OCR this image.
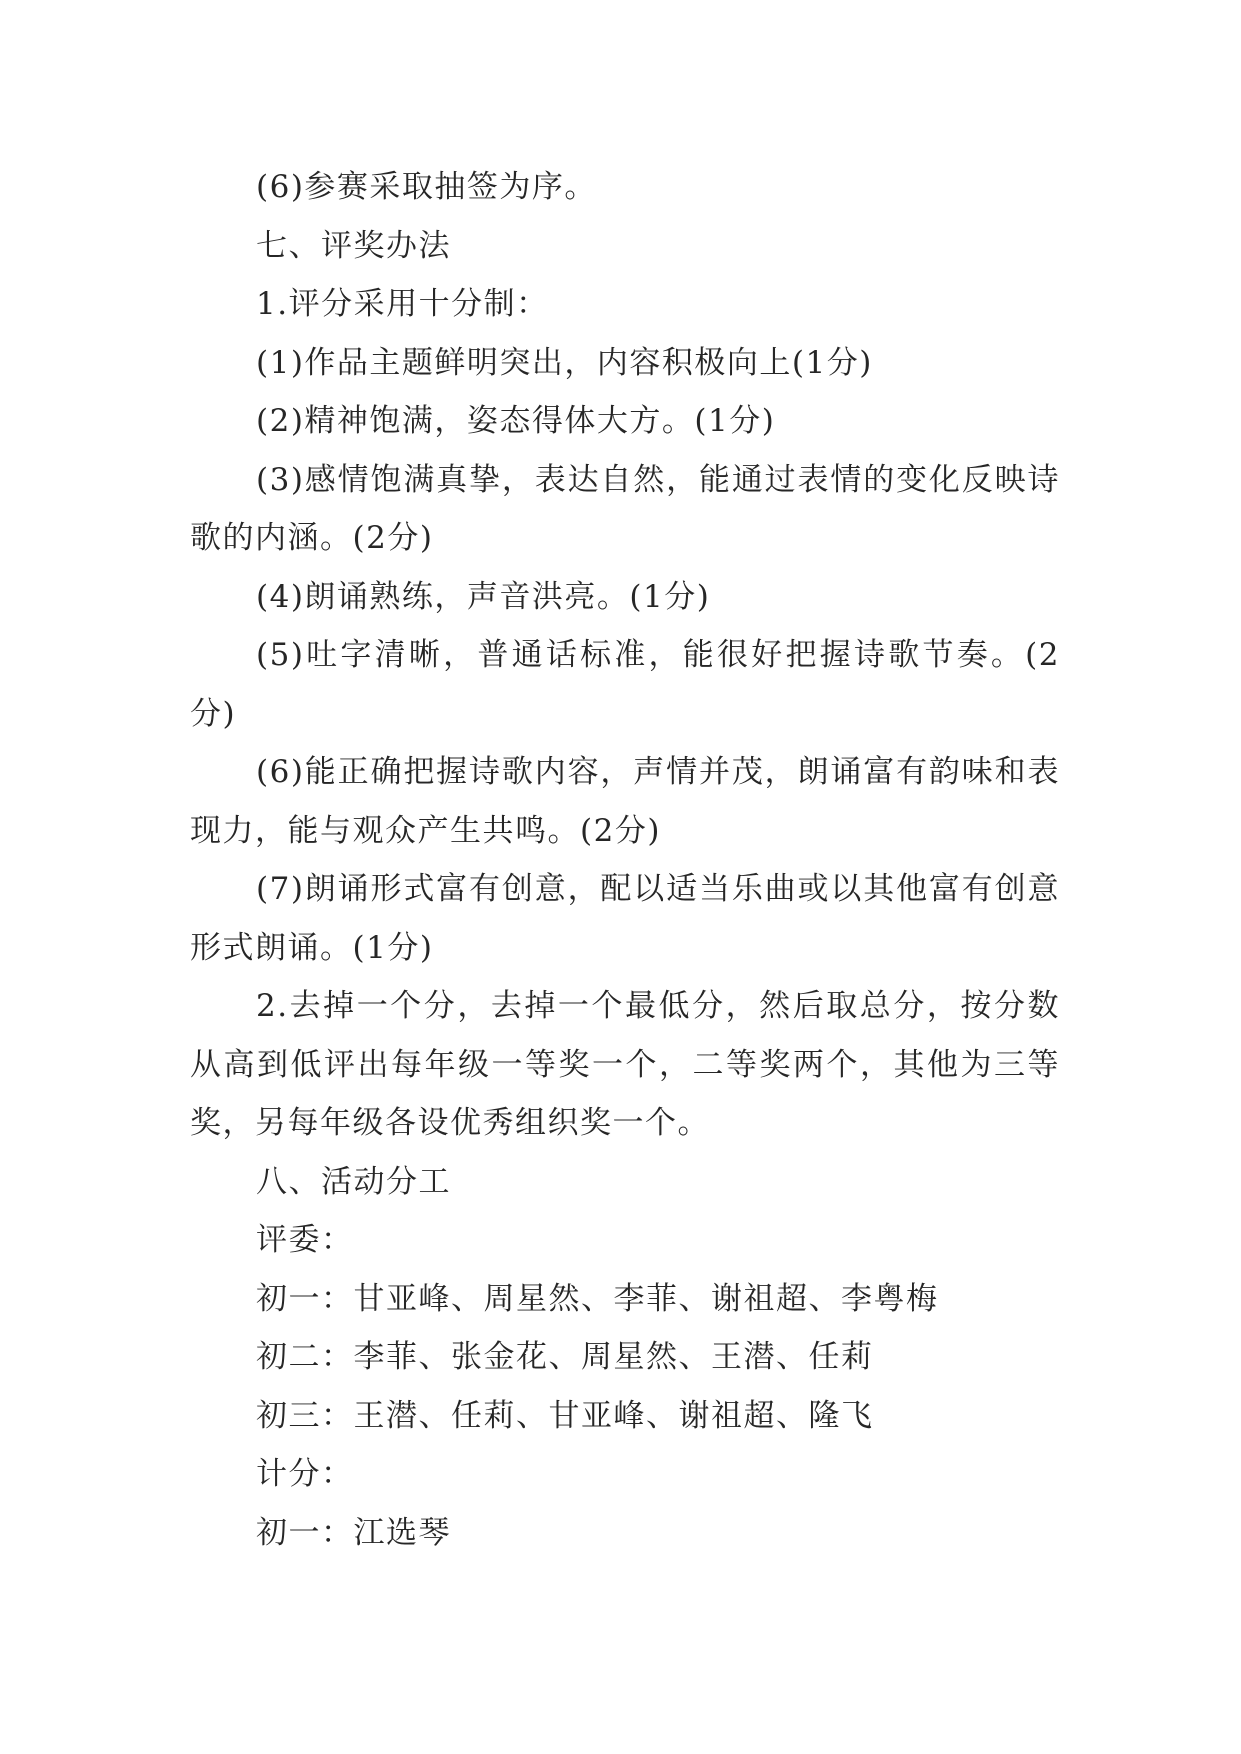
(6)参赛采取抽签为序。

七、评奖办法

1.评分采用十分制：

(1)作品主题鲜明突出，内容积极向上(1分)

(2)精神饱满，姿态得体大方。(1分)

(3)感情饱满真挚，表达自然，能通过表情的变化反映诗歌的内涵。(2分)

(4)朗诵熟练，声音洪亮。(1分)

(5)吐字清晰，普通话标准，能很好把握诗歌节奏。(2分)

(6)能正确把握诗歌内容，声情并茂，朗诵富有韵味和表现力，能与观众产生共鸣。(2分)

(7)朗诵形式富有创意，配以适当乐曲或以其他富有创意形式朗诵。(1分)

2.去掉一个分，去掉一个最低分，然后取总分，按分数从高到低评出每年级一等奖一个，二等奖两个，其他为三等奖，另每年级各设优秀组织奖一个。

八、活动分工

评委：

初一：甘亚峰、周星然、李菲、谢祖超、李粤梅

初二：李菲、张金花、周星然、王潜、任莉

初三：王潜、任莉、甘亚峰、谢祖超、隆飞

计分：

初一：江选琴
